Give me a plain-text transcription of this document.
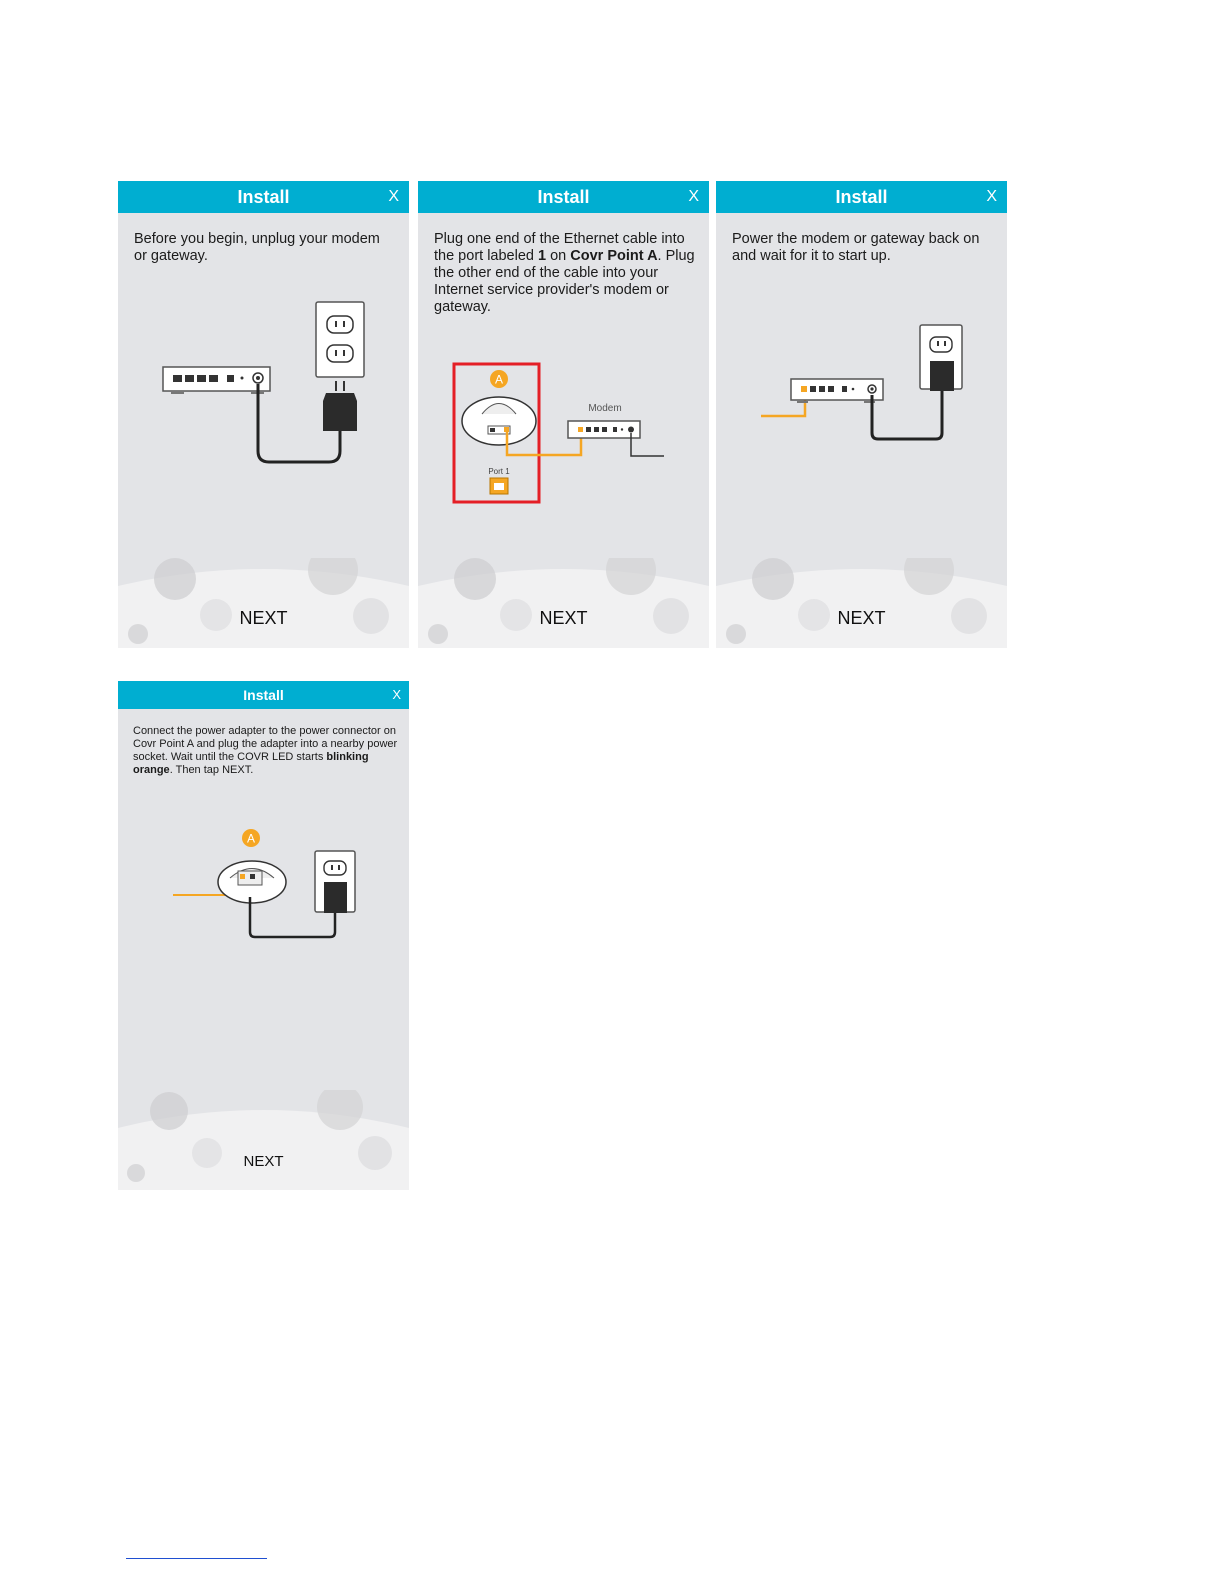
Install	X
Before you begin, unplug your modem or gateway.
NEXT
Install	X
Plug one end of the Ethernet cable into the port labeled 1 on Covr Point A. Plug the other end of the cable into your Internet service provider's modem or gateway.
A
Port 1
Modem
NEXT
Install	X
Power the modem or gateway back on and wait for it to start up.
NEXT
Install	X
Connect the power adapter to the power connector on Covr Point A and plug the adapter into a nearby power socket. Wait until the COVR LED starts blinking orange. Then tap NEXT.
A
NEXT
